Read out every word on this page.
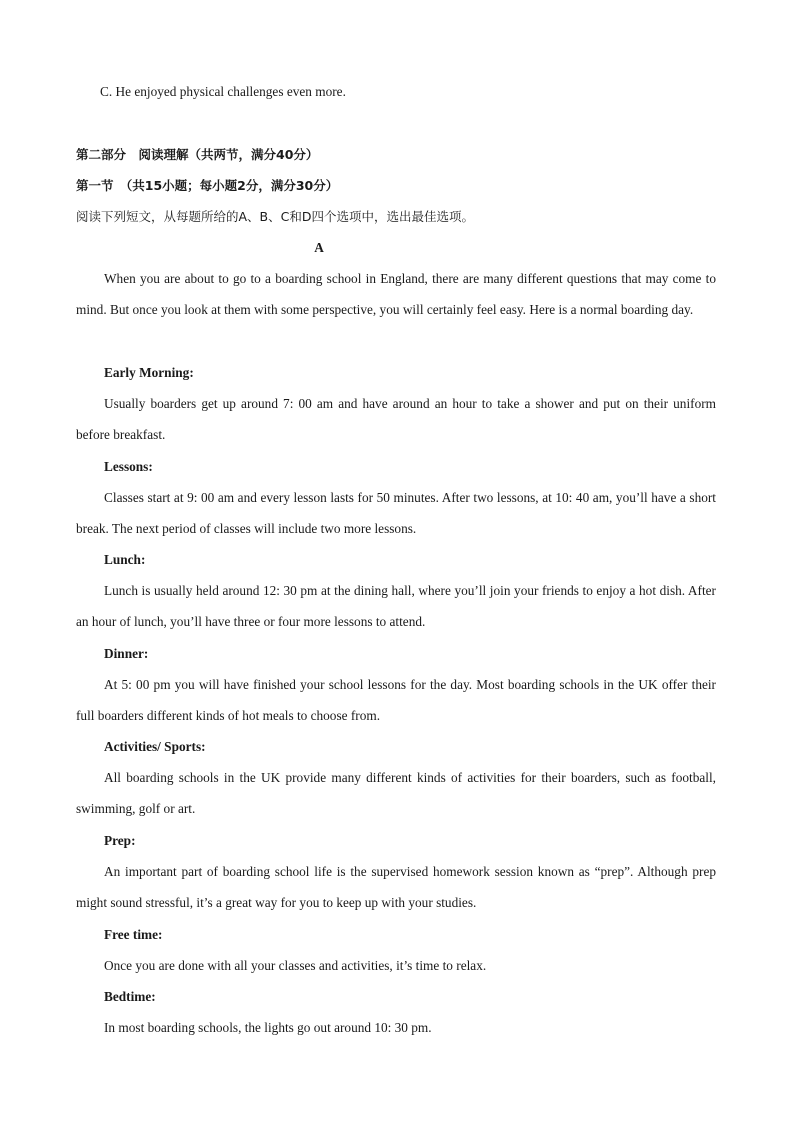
C. He enjoyed physical challenges even more.
第二部分　阅读理解（共两节，满分40分）
第一节　（共15小题；每小题2分，满分30分）
阅读下列短文，从每题所给的A、B、C和D四个选项中，选出最佳选项。
A
When you are about to go to a boarding school in England, there are many different questions that may come to mind. But once you look at them with some perspective, you will certainly feel easy. Here is a normal boarding day.
Early Morning:
Usually boarders get up around 7: 00 am and have around an hour to take a shower and put on their uniform before breakfast.
Lessons:
Classes start at 9: 00 am and every lesson lasts for 50 minutes. After two lessons, at 10: 40 am, you’ll have a short break. The next period of classes will include two more lessons.
Lunch:
Lunch is usually held around 12: 30 pm at the dining hall, where you’ll join your friends to enjoy a hot dish. After an hour of lunch, you’ll have three or four more lessons to attend.
Dinner:
At 5: 00 pm you will have finished your school lessons for the day. Most boarding schools in the UK offer their full boarders different kinds of hot meals to choose from.
Activities/ Sports:
All boarding schools in the UK provide many different kinds of activities for their boarders, such as football, swimming, golf or art.
Prep:
An important part of boarding school life is the supervised homework session known as “prep”. Although prep might sound stressful, it’s a great way for you to keep up with your studies.
Free time:
Once you are done with all your classes and activities, it’s time to relax.
Bedtime:
In most boarding schools, the lights go out around 10: 30 pm.
